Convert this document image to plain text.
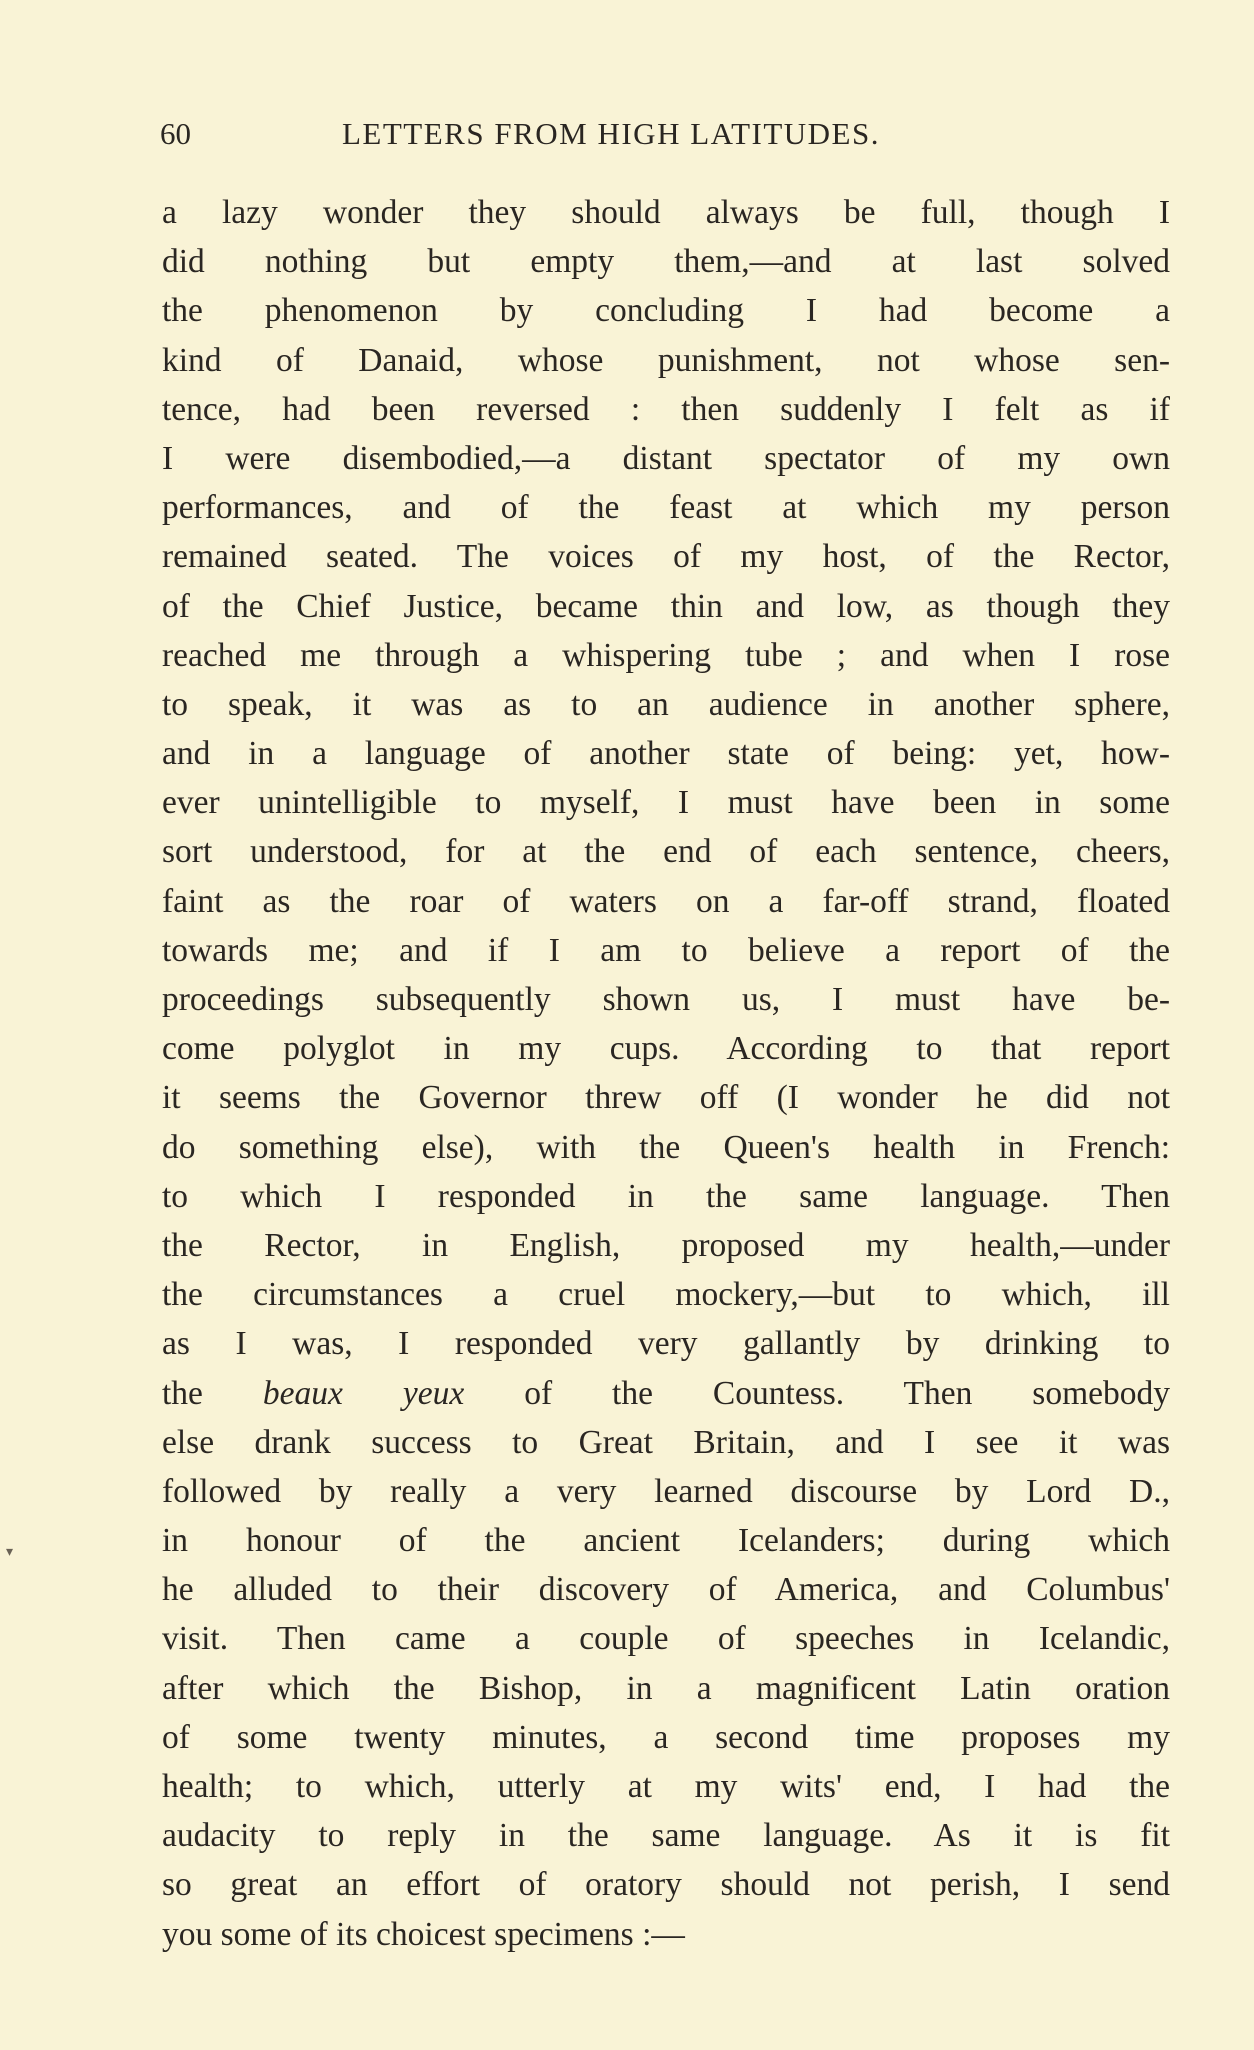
60	LETTERS FROM HIGH LATITUDES.

a lazy wonder they should always be full, though I
did nothing but empty them,—and at last solved
the phenomenon by concluding I had become a
kind of Danaid, whose punishment, not whose sen-
tence, had been reversed : then suddenly I felt as if
I were disembodied,—a distant spectator of my own
performances, and of the feast at which my person
remained seated. The voices of my host, of the Rector,
of the Chief Justice, became thin and low, as though they
reached me through a whispering tube ; and when I rose
to speak, it was as to an audience in another sphere,
and in a language of another state of being: yet, how-
ever unintelligible to myself, I must have been in some
sort understood, for at the end of each sentence, cheers,
faint as the roar of waters on a far-off strand, floated
towards me; and if I am to believe a report of the
proceedings subsequently shown us, I must have be-
come polyglot in my cups. According to that report
it seems the Governor threw off (I wonder he did not
do something else), with the Queen's health in French:
to which I responded in the same language. Then
the Rector, in English, proposed my health,—under
the circumstances a cruel mockery,—but to which, ill
as I was, I responded very gallantly by drinking to
the beaux yeux of the Countess. Then somebody
else drank success to Great Britain, and I see it was
followed by really a very learned discourse by Lord D.,
in honour of the ancient Icelanders; during which
he alluded to their discovery of America, and Columbus'
visit. Then came a couple of speeches in Icelandic,
after which the Bishop, in a magnificent Latin oration
of some twenty minutes, a second time proposes my
health; to which, utterly at my wits' end, I had the
audacity to reply in the same language. As it is fit
so great an effort of oratory should not perish, I send
you some of its choicest specimens :—

▾
